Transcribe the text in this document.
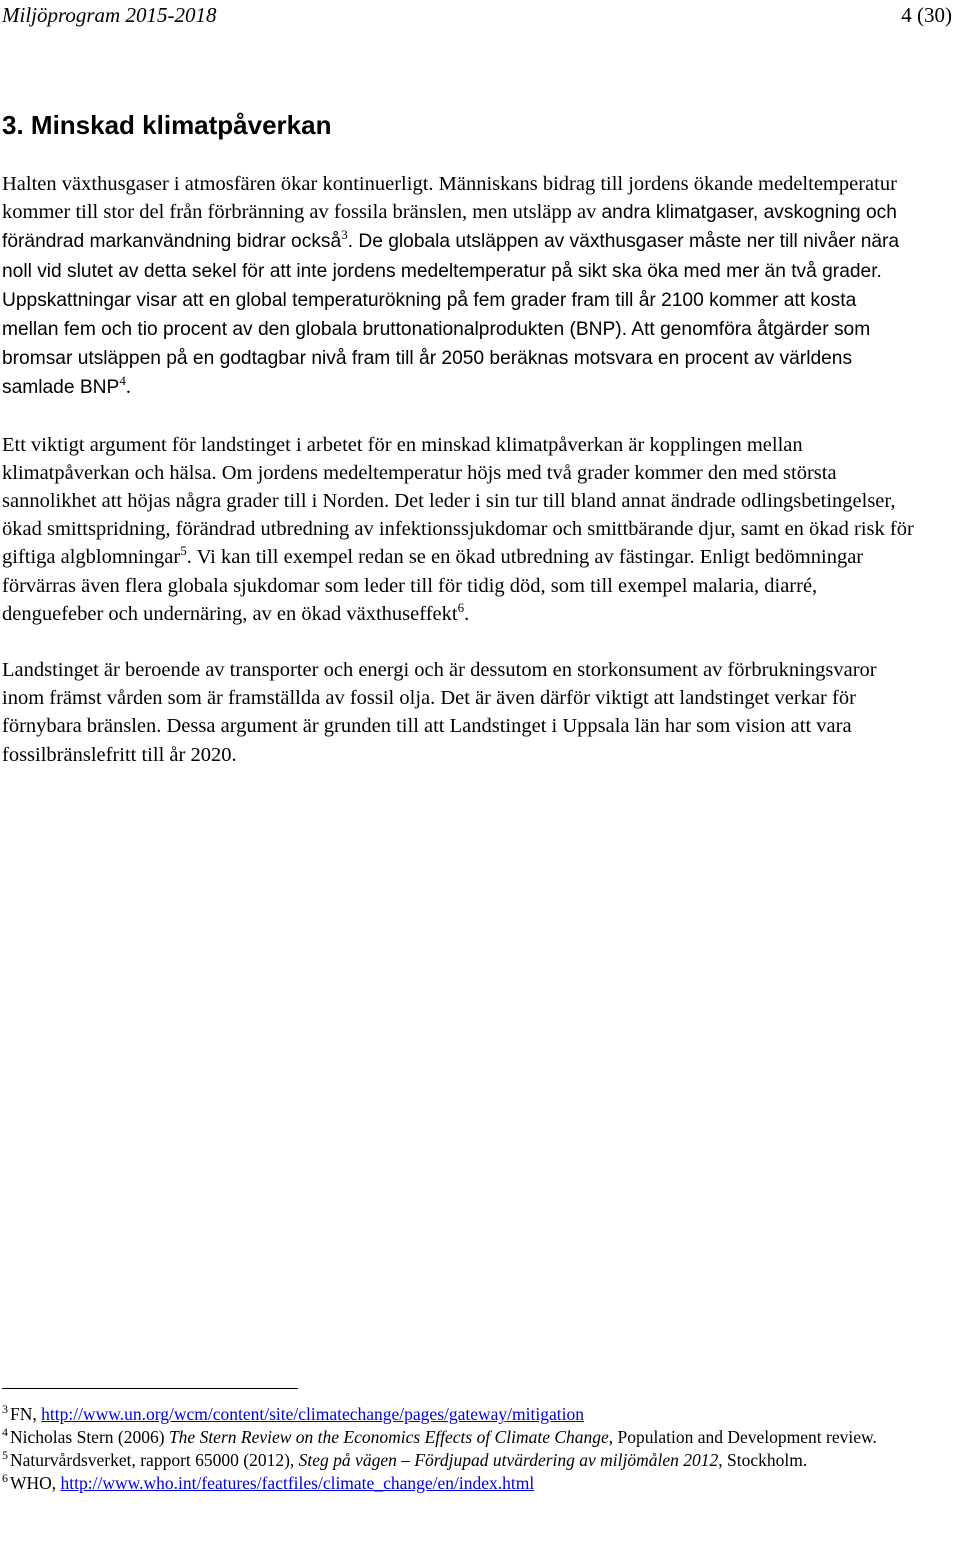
Miljöprogram 2015-2018	4 (30)
3. Minskad klimatpåverkan

Halten växthusgaser i atmosfären ökar kontinuerligt. Människans bidrag till jordens ökande medeltemperatur kommer till stor del från förbränning av fossila bränslen, men utsläpp av andra klimatgaser, avskogning och förändrad markanvändning bidrar också$^3$. De globala utsläppen av växthusgaser måste ner till nivåer nära noll vid slutet av detta sekel för att inte jordens medeltemperatur på sikt ska öka med mer än två grader. Uppskattningar visar att en global temperaturökning på fem grader fram till år 2100 kommer att kosta mellan fem och tio procent av den globala bruttonationalprodukten (BNP). Att genomföra åtgärder som bromsar utsläppen på en godtagbar nivå fram till år 2050 beräknas motsvara en procent av världens samlade BNP$^4$.

Ett viktigt argument för landstinget i arbetet för en minskad klimatpåverkan är kopplingen mellan klimatpåverkan och hälsa. Om jordens medeltemperatur höjs med två grader kommer den med största sannolikhet att höjas några grader till i Norden. Det leder i sin tur till bland annat ändrade odlingsbetingelser, ökad smittspridning, förändrad utbredning av infektionssjukdomar och smittbärande djur, samt en ökad risk för giftiga algblomningar$^5$. Vi kan till exempel redan se en ökad utbredning av fästingar. Enligt bedömningar förvärras även flera globala sjukdomar som leder till för tidig död, som till exempel malaria, diarré, denguefeber och undernäring, av en ökad växthuseffekt$^6$.

Landstinget är beroende av transporter och energi och är dessutom en storkonsument av förbrukningsvaror inom främst vården som är framställda av fossil olja. Det är även därför viktigt att landstinget verkar för förnybara bränslen. Dessa argument är grunden till att Landstinget i Uppsala län har som vision att vara fossilbränslefritt till år 2020.

$^3$ FN, http://www.un.org/wcm/content/site/climatechange/pages/gateway/mitigation

$^4$ Nicholas Stern (2006) The Stern Review on the Economics Effects of Climate Change, Population and Development review.

$^5$ Naturvårdsverket, rapport 65000 (2012), Steg på vägen – Fördjupad utvärdering av miljömålen 2012, Stockholm.

$^6$ WHO, http://www.who.int/features/factfiles/climate_change/en/index.html
